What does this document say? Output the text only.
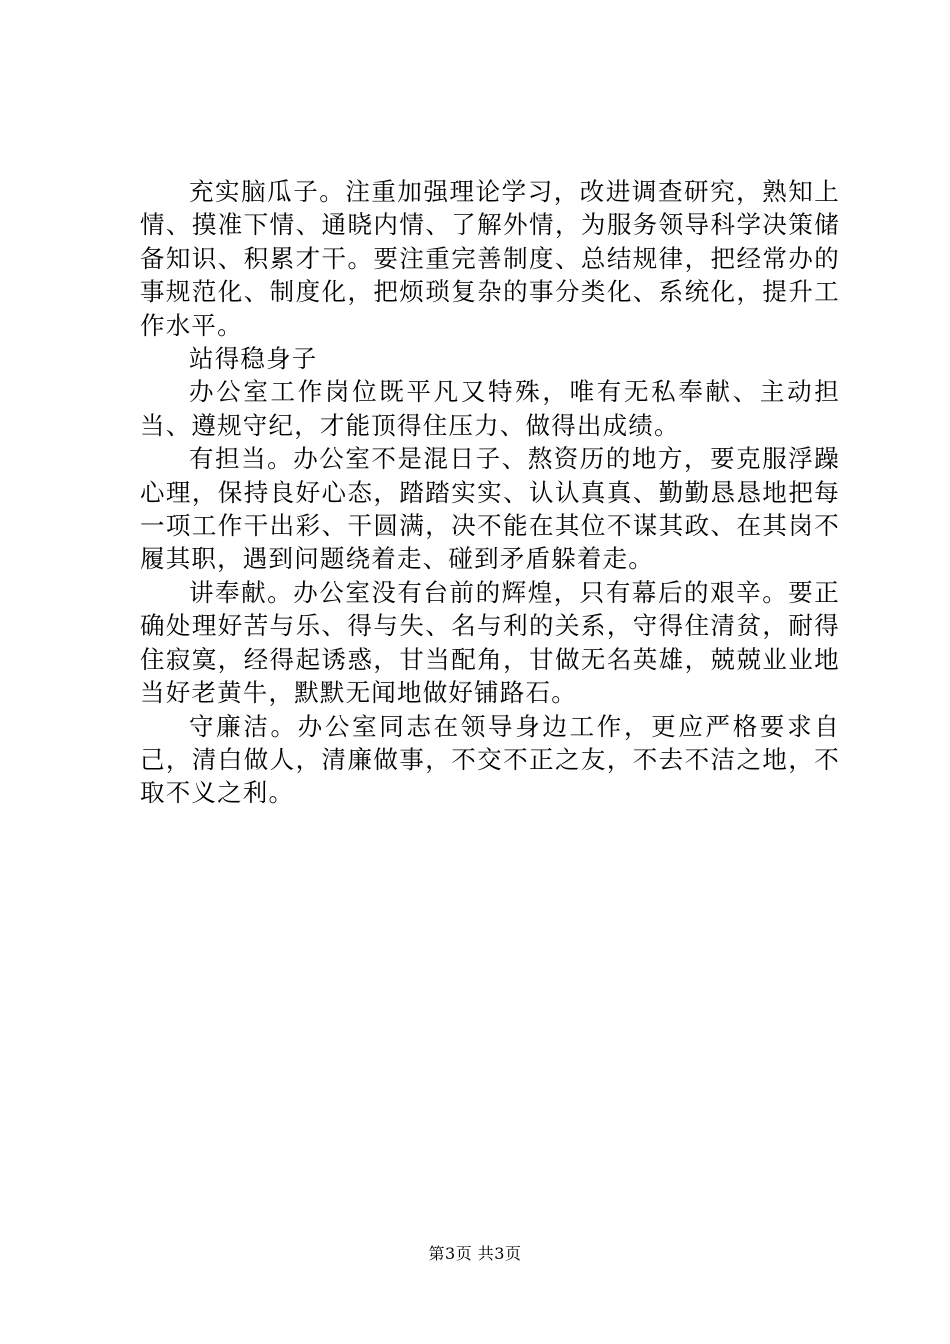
充实脑瓜子。注重加强理论学习，改进调查研究，熟知上情、摸准下情、通晓内情、了解外情，为服务领导科学决策储备知识、积累才干。要注重完善制度、总结规律，把经常办的事规范化、制度化，把烦琐复杂的事分类化、系统化，提升工作水平。

站得稳身子

办公室工作岗位既平凡又特殊，唯有无私奉献、主动担当、遵规守纪，才能顶得住压力、做得出成绩。

有担当。办公室不是混日子、熬资历的地方，要克服浮躁心理，保持良好心态，踏踏实实、认认真真、勤勤恳恳地把每一项工作干出彩、干圆满，决不能在其位不谋其政、在其岗不履其职，遇到问题绕着走、碰到矛盾躲着走。

讲奉献。办公室没有台前的辉煌，只有幕后的艰辛。要正确处理好苦与乐、得与失、名与利的关系，守得住清贫，耐得住寂寞，经得起诱惑，甘当配角，甘做无名英雄，兢兢业业地当好老黄牛，默默无闻地做好铺路石。

守廉洁。办公室同志在领导身边工作，更应严格要求自己，清白做人，清廉做事，不交不正之友，不去不洁之地，不取不义之利。

第3页 共3页
